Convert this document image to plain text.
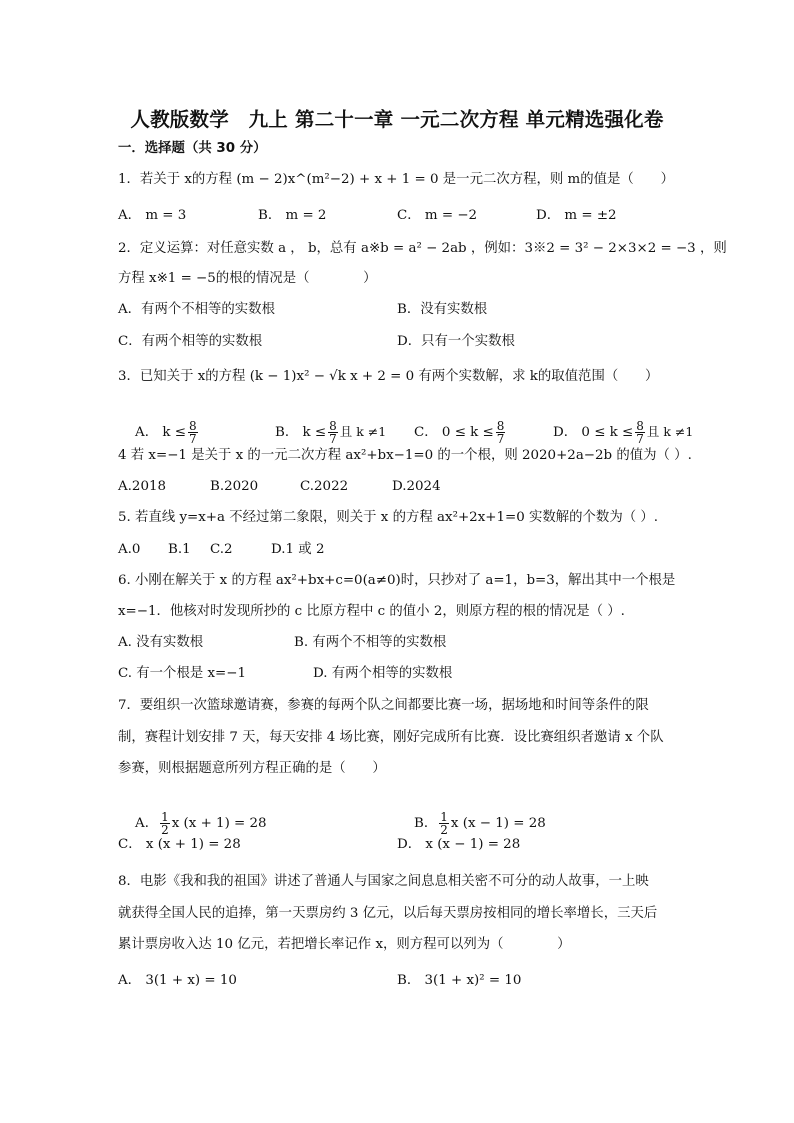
人教版数学　九上 第二十一章 一元二次方程 单元精选强化卷
一．选择题（共 30 分）
1．若关于 x的方程 (m − 2)x^(m²−2) + x + 1 = 0 是一元二次方程，则 m的值是（　　）
A． m = 3	B． m = 2	C． m = −2	D． m = ±2
2．定义运算：对任意实数 a ， b，总有 a※b = a² − 2ab ，例如：3※2 = 3² − 2×3×2 = −3 ，则
方程 x※1 = −5的根的情况是（　　　　）
A．有两个不相等的实数根	B．没有实数根
C．有两个相等的实数根	D．只有一个实数根
3．已知关于 x的方程 (k − 1)x² − √k x + 2 = 0 有两个实数解，求 k的取值范围（　　）

A． $k \le \frac{8}{7}$

	B． $k \le \frac{8}{7}$ 且 k ≠1
	C． $0 \le k \le \frac{8}{7}$

	D． $0 \le k \le \frac{8}{7}$ 且 k ≠1

4 若 x=−1 是关于 x 的一元二次方程 ax²+bx−1=0 的一个根，则 2020+2a−2b 的值为（ ）.
A.2018	B.2020	C.2022	D.2024
5. 若直线 y=x+a 不经过第二象限，则关于 x 的方程 ax²+2x+1=0 实数解的个数为（ ）.
A.0 B.1 C.2	D.1 或 2
6. 小刚在解关于 x 的方程 ax²+bx+c=0(a≠0)时，只抄对了 a=1，b=3，解出其中一个根是
x=−1．他核对时发现所抄的 c 比原方程中 c 的值小 2，则原方程的根的情况是（ ）.
A. 没有实数根	B. 有两个不相等的实数根
C. 有一个根是 x=−1	D. 有两个相等的实数根
7．要组织一次篮球邀请赛，参赛的每两个队之间都要比赛一场，据场地和时间等条件的限
制，赛程计划安排 7 天，每天安排 4 场比赛，刚好完成所有比赛．设比赛组织者邀请 x 个队
参赛，则根据题意所列方程正确的是（　　）

A． $\frac{1}{2}$ x (x + 1) = 28
	B． $\frac{1}{2}$ x (x − 1) = 28

C． x (x + 1) = 28	D． x (x − 1) = 28
8．电影《我和我的祖国》讲述了普通人与国家之间息息相关密不可分的动人故事，一上映
就获得全国人民的追捧，第一天票房约 3 亿元，以后每天票房按相同的增长率增长，三天后
累计票房收入达 10 亿元，若把增长率记作 x，则方程可以列为（　　　　）
A． 3(1 + x) = 10	B． 3(1 + x)² = 10
